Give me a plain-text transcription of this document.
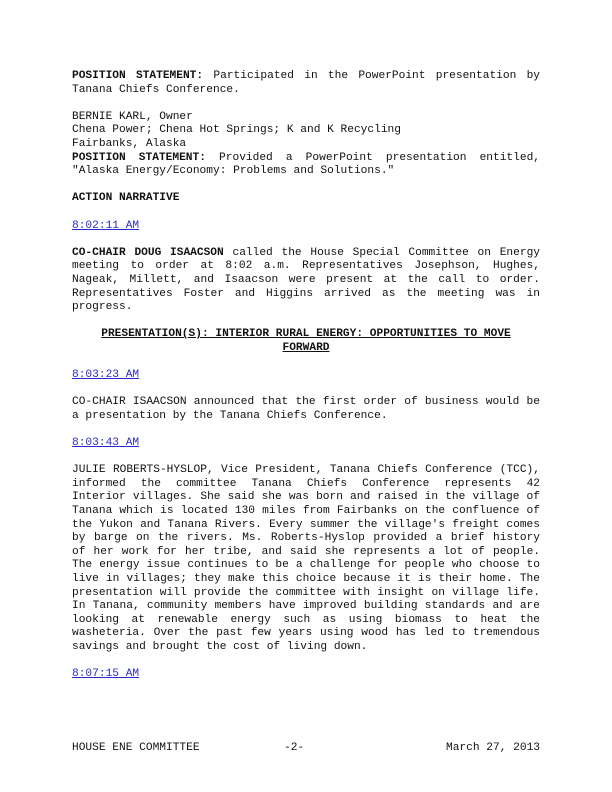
POSITION STATEMENT: Participated in the PowerPoint presentation by Tanana Chiefs Conference.

BERNIE KARL, Owner

Chena Power; Chena Hot Springs; K and K Recycling

Fairbanks, Alaska

POSITION STATEMENT: Provided a PowerPoint presentation entitled, "Alaska Energy/Economy: Problems and Solutions."

ACTION NARRATIVE

8:02:11 AM

CO-CHAIR DOUG ISAACSON called the House Special Committee on Energy meeting to order at 8:02 a.m. Representatives Josephson, Hughes, Nageak, Millett, and Isaacson were present at the call to order. Representatives Foster and Higgins arrived as the meeting was in progress.

PRESENTATION(S): INTERIOR RURAL ENERGY: OPPORTUNITIES TO MOVE

FORWARD

8:03:23 AM

CO-CHAIR ISAACSON announced that the first order of business would be a presentation by the Tanana Chiefs Conference.

8:03:43 AM

JULIE ROBERTS-HYSLOP, Vice President, Tanana Chiefs Conference (TCC), informed the committee Tanana Chiefs Conference represents 42 Interior villages. She said she was born and raised in the village of Tanana which is located 130 miles from Fairbanks on the confluence of the Yukon and Tanana Rivers. Every summer the village's freight comes by barge on the rivers. Ms. Roberts-Hyslop provided a brief history of her work for her tribe, and said she represents a lot of people. The energy issue continues to be a challenge for people who choose to live in villages; they make this choice because it is their home. The presentation will provide the committee with insight on village life. In Tanana, community members have improved building standards and are looking at renewable energy such as using biomass to heat the washeteria. Over the past few years using wood has led to tremendous savings and brought the cost of living down.

8:07:15 AM

HOUSE ENE COMMITTEE	-2-	March 27, 2013
